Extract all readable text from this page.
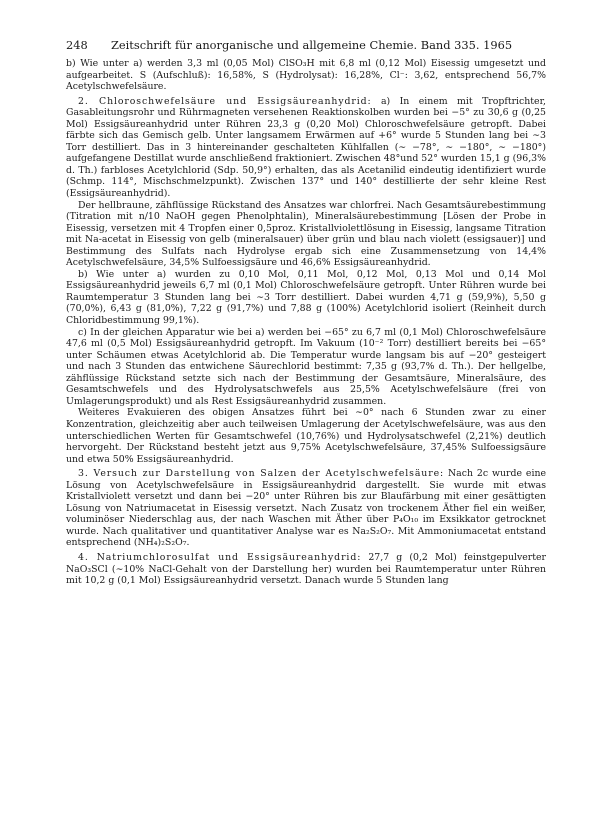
248	Zeitschrift für anorganische und allgemeine Chemie. Band 335. 1965

b) Wie unter a) werden 3,3 ml (0,05 Mol) ClSO₃H mit 6,8 ml (0,12 Mol) Eisessig umgesetzt und aufgearbeitet. S (Aufschluß): 16,58%, S (Hydrolysat): 16,28%, Cl⁻: 3,62, entsprechend 56,7% Acetylschwefelsäure.

2. Chloroschwefelsäure und Essigsäureanhydrid: a) In einem mit Tropftrichter, Gasableitungsrohr und Rührmagneten versehenen Reaktionskolben wurden bei −5° zu 30,6 g (0,25 Mol) Essigsäureanhydrid unter Rühren 23,3 g (0,20 Mol) Chloroschwefelsäure getropft. Dabei färbte sich das Gemisch gelb. Unter langsamem Erwärmen auf +6° wurde 5 Stunden lang bei ∼3 Torr destilliert. Das in 3 hintereinander geschalteten Kühlfallen (∼ −78°, ∼ −180°, ∼ −180°) aufgefangene Destillat wurde anschließend fraktioniert. Zwischen 48°und 52° wurden 15,1 g (96,3% d. Th.) farbloses Acetylchlorid (Sdp. 50,9°) erhalten, das als Acetanilid eindeutig identifiziert wurde (Schmp. 114°, Mischschmelzpunkt). Zwischen 137° und 140° destillierte der sehr kleine Rest (Essigsäureanhydrid).

Der hellbraune, zähflüssige Rückstand des Ansatzes war chlorfrei. Nach Gesamtsäurebestimmung (Titration mit n/10 NaOH gegen Phenolphtalin), Mineralsäurebestimmung [Lösen der Probe in Eisessig, versetzen mit 4 Tropfen einer 0,5proz. Kristallviolettlösung in Eisessig, langsame Titration mit Na-acetat in Eisessig von gelb (mineralsauer) über grün und blau nach violett (essigsauer)] und Bestimmung des Sulfats nach Hydrolyse ergab sich eine Zusammensetzung von 14,4% Acetylschwefelsäure, 34,5% Sulfoessigsäure und 46,6% Essigsäureanhydrid.

b) Wie unter a) wurden zu 0,10 Mol, 0,11 Mol, 0,12 Mol, 0,13 Mol und 0,14 Mol Essigsäureanhydrid jeweils 6,7 ml (0,1 Mol) Chloroschwefelsäure getropft. Unter Rühren wurde bei Raumtemperatur 3 Stunden lang bei ∼3 Torr destilliert. Dabei wurden 4,71 g (59,9%), 5,50 g (70,0%), 6,43 g (81,0%), 7,22 g (91,7%) und 7,88 g (100%) Acetylchlorid isoliert (Reinheit durch Chloridbestimmung 99,1%).

c) In der gleichen Apparatur wie bei a) werden bei −65° zu 6,7 ml (0,1 Mol) Chloroschwefelsäure 47,6 ml (0,5 Mol) Essigsäureanhydrid getropft. Im Vakuum (10⁻² Torr) destilliert bereits bei −65° unter Schäumen etwas Acetylchlorid ab. Die Temperatur wurde langsam bis auf −20° gesteigert und nach 3 Stunden das entwichene Säurechlorid bestimmt: 7,35 g (93,7% d. Th.). Der hellgelbe, zähflüssige Rückstand setzte sich nach der Bestimmung der Gesamtsäure, Mineralsäure, des Gesamtschwefels und des Hydrolysatschwefels aus 25,5% Acetylschwefelsäure (frei von Umlagerungsprodukt) und als Rest Essigsäureanhydrid zusammen.

Weiteres Evakuieren des obigen Ansatzes führt bei ∼0° nach 6 Stunden zwar zu einer Konzentration, gleichzeitig aber auch teilweisen Umlagerung der Acetylschwefelsäure, was aus den unterschiedlichen Werten für Gesamtschwefel (10,76%) und Hydrolysatschwefel (2,21%) deutlich hervorgeht. Der Rückstand besteht jetzt aus 9,75% Acetylschwefelsäure, 37,45% Sulfoessigsäure und etwa 50% Essigsäureanhydrid.

3. Versuch zur Darstellung von Salzen der Acetylschwefelsäure: Nach 2c wurde eine Lösung von Acetylschwefelsäure in Essigsäureanhydrid dargestellt. Sie wurde mit etwas Kristallviolett versetzt und dann bei −20° unter Rühren bis zur Blaufärbung mit einer gesättigten Lösung von Natriumacetat in Eisessig versetzt. Nach Zusatz von trockenem Äther fiel ein weißer, voluminöser Niederschlag aus, der nach Waschen mit Äther über P₄O₁₀ im Exsikkator getrocknet wurde. Nach qualitativer und quantitativer Analyse war es Na₂S₂O₇. Mit Ammoniumacetat entstand entsprechend (NH₄)₂S₂O₇.

4. Natriumchlorosulfat und Essigsäureanhydrid: 27,7 g (0,2 Mol) feinstgepulverter NaO₃SCl (∼10% NaCl-Gehalt von der Darstellung her) wurden bei Raumtemperatur unter Rühren mit 10,2 g (0,1 Mol) Essigsäureanhydrid versetzt. Danach wurde 5 Stunden lang
